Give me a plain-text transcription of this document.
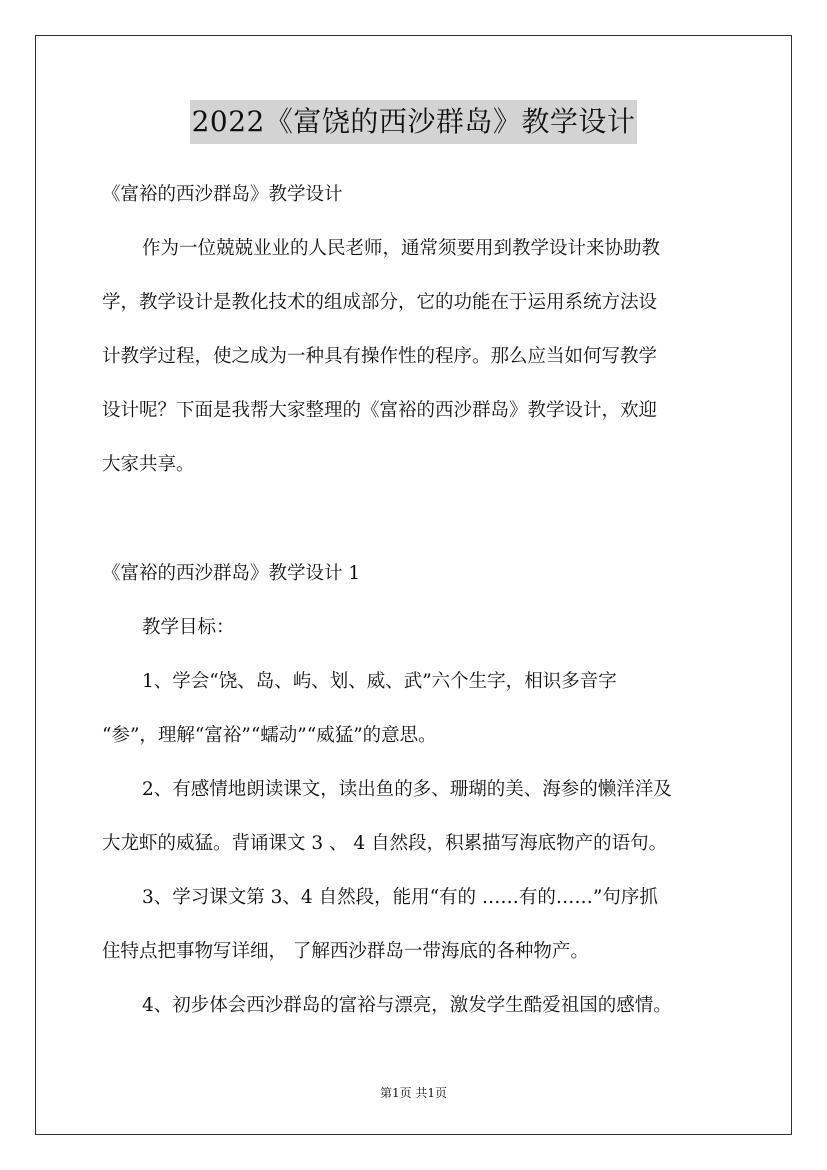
2022《富饶的西沙群岛》教学设计
《富裕的西沙群岛》教学设计
作为一位兢兢业业的人民老师，通常须要用到教学设计来协助教
学，教学设计是教化技术的组成部分，它的功能在于运用系统方法设
计教学过程，使之成为一种具有操作性的程序。那么应当如何写教学
设计呢？下面是我帮大家整理的《富裕的西沙群岛》教学设计，欢迎
大家共享。
《富裕的西沙群岛》教学设计 1
教学目标：
1、学会“饶、岛、屿、划、威、武”六个生字，相识多音字
“参”，理解“富裕”“蠕动”“威猛”的意思。
2、有感情地朗读课文，读出鱼的多、珊瑚的美、海参的懒洋洋及
大龙虾的威猛。背诵课文 3 、 4 自然段，积累描写海底物产的语句。
3、学习课文第 3、4 自然段，能用“有的 ……有的……”句序抓
住特点把事物写详细， 了解西沙群岛一带海底的各种物产。
4、初步体会西沙群岛的富裕与漂亮，激发学生酷爱祖国的感情。
第1页 共1页
